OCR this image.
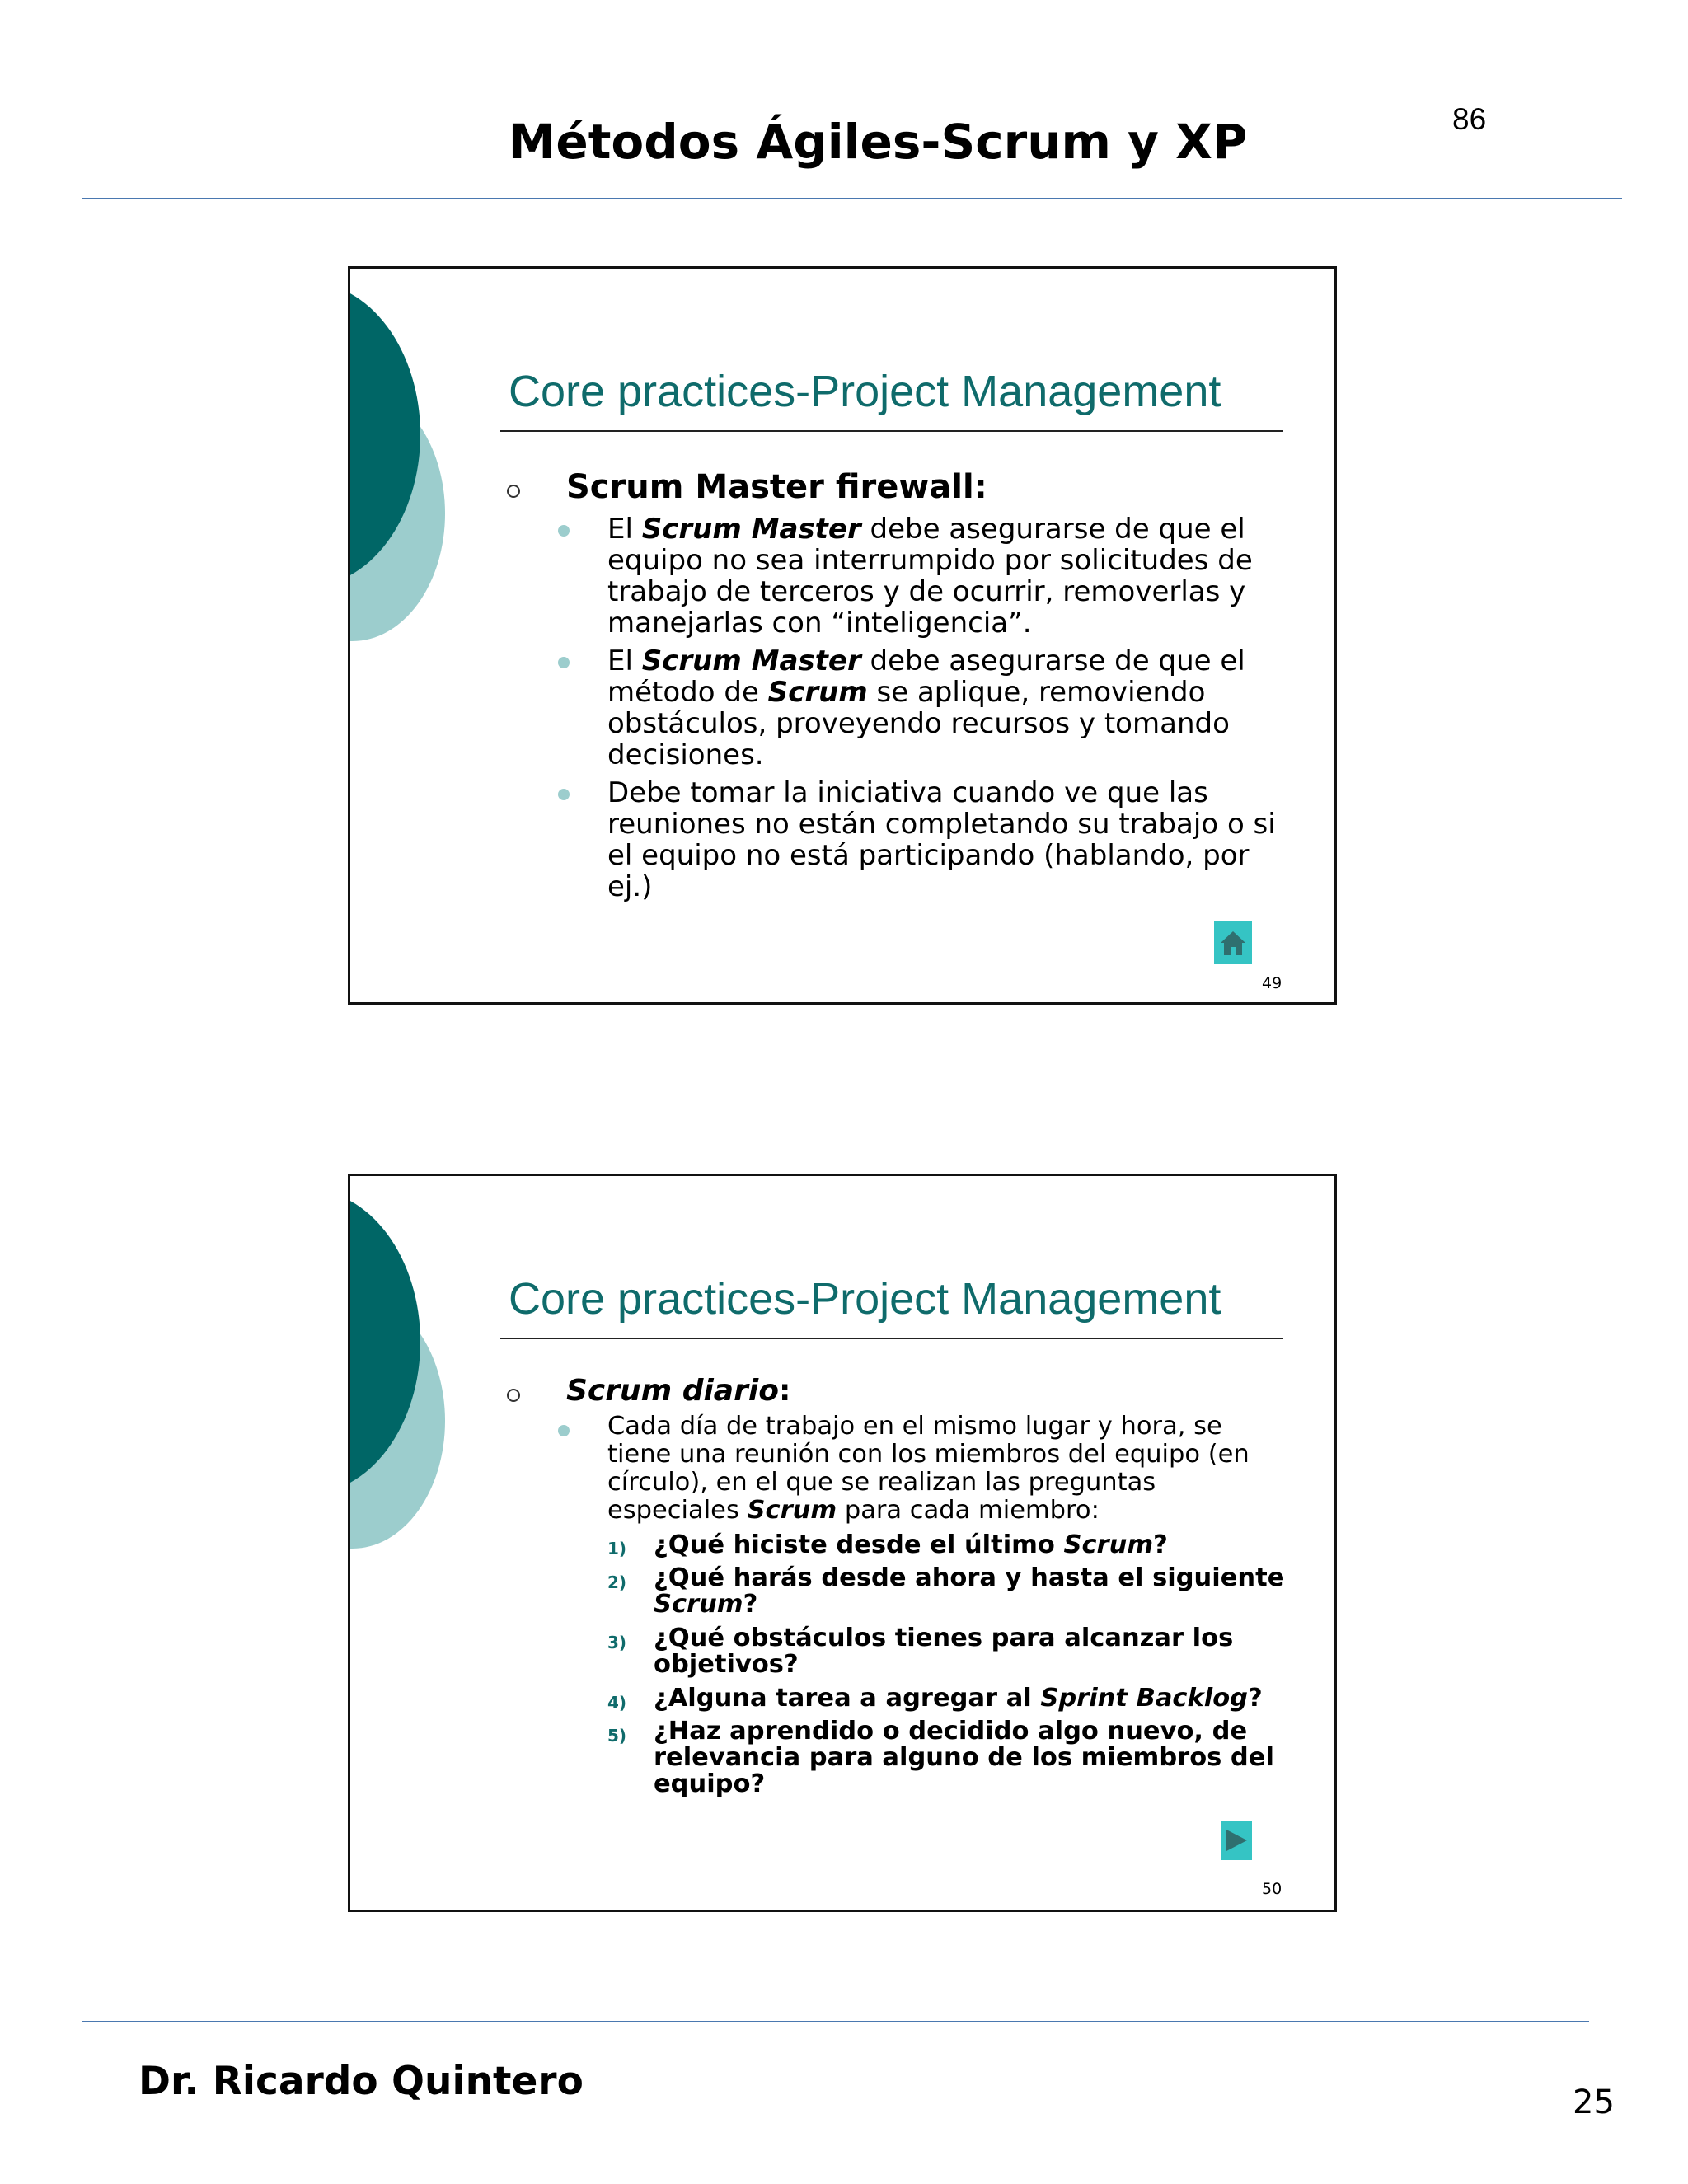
Métodos Ágiles-Scrum y XP	86
Core practices-Project Management
Scrum Master firewall:
El Scrum Master debe asegurarse de que el equipo no sea interrumpido por solicitudes de trabajo de terceros y de ocurrir, removerlas y manejarlas con “inteligencia”.
El Scrum Master debe asegurarse de que el método de Scrum se aplique, removiendo obstáculos, proveyendo recursos y tomando decisiones.
Debe tomar la iniciativa cuando ve que las reuniones no están completando su trabajo o si el equipo no está participando (hablando, por ej.)
49
Core practices-Project Management
Scrum diario:
Cada día de trabajo en el mismo lugar y hora, se tiene una reunión con los miembros del equipo (en círculo), en el que se realizan las preguntas especiales Scrum para cada miembro:
1) ¿Qué hiciste desde el último Scrum?
2) ¿Qué harás desde ahora y hasta el siguiente Scrum?
3) ¿Qué obstáculos tienes para alcanzar los objetivos?
4) ¿Alguna tarea a agregar al Sprint Backlog?
5) ¿Haz aprendido o decidido algo nuevo, de relevancia para alguno de los miembros del equipo?
50
Dr. Ricardo Quintero	25
